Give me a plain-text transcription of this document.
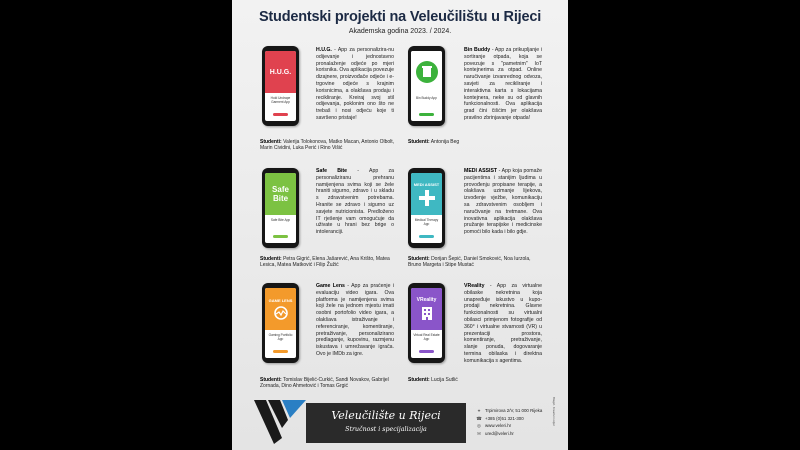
Studentski projekti na Veleučilištu u Rijeci
Akademska godina 2023. / 2024.
H.U.G.
Hold Undrape Garment App
H.U.G. - App za personalizira-nu odijevanje i jednostavno pronalaženje odjeće po mjeri korisnika. Ova aplikacija povezuje dizajnere, proizvođače odjeće i e-trgovine odjeće s krajnim korisnicima, a olakšava prodaju i recikliranje. Kreiraj svoj stil odijevanja, poklonim ono što ne trebaš i nosi odjeću koje ti savršeno pristaje!
Studenti: Valerija Tolokonova, Matko Macan, Antonio Olbolt, Marin Cividini, Luka Perić i Rino Višić
Bin Buddy App
Bin Buddy - App za prikupljanje i sortiranje otpada, koja se povezuje s "pametnim" IoT kontejnerima za otpad. Online naručivanje izvanrednog odvoza, savjeti za recikliranje i interaktivna karta s lokacijama kontejnera, neke su od glavnih funkcionalnosti. Ova aplikacija grad čini čišćim jer olakšava pravilno zbrinjavanje otpada!
Studenti: Antonija Beg
Safe Bite
Safe Bite App
Safe Bite - App za personaliziranu prehranu namijenjena svima koji se žele hraniti sigurno, zdravo i u skladu s zdravstvenim potrebama. Hranite se zdravo i sigurno uz savjete nutricionista. Predloženo IT rješenje vam omogućuje da uživate u hrani bez brige o intoleranciji.
Studenti: Petra Gigrić, Elena Jašarević, Ana Krišto, Matea Lesica, Matea Matković i Filip Žužić
MEDI ASSIST
Medical Therapy App
MEDI ASSIST - App koja pomaže pacijentima i stanijim ljudima u provođenju propisane terapije, a olakšava uzimanje lijekova, izvođenje vježbe, komunikaciju sa zdravstvenim osobljem i naručivanje na tretmane. Ova inovativna aplikacija olakšava pružanje terapijske i medicinske pomoći bilo kada i bilo gdje.
Studenti: Dorijan Šepić, Daniel Smoković, Noa Iurzola, Bruno Margeta i Stipe Mustać
GAME LENS
Gaming Portfolio App
Game Lens - App za praćenje i evaluaciju video igara. Ova platforma je namijenjena svima koji žele na jednom mjestu imati osobni portofolio video igara, a olakšava istraživanje i referenciranje, komentiranje, pretraživanje, personalizirano predlaganje, kupovinu, razmjenu iskustava i umrežavanje igrača. Ovo je IMDb za igre.
Studenti: Tomislav Bijelić-Curkić, Sandi Novakov, Gabrijel Zornada, Dino Ahmetović i Tomas Grgić
VReality
Virtual Real Estate App
VReality - App za virtualne obilaske nekretnina koja unapređuje iskustvo u kupo-prodaji nekretnina. Glavne funkcionalnosti su virtualni obilasci primjenom fotografije od 360° i virtualne stvarnosti (VR) u prezentaciji prostora, komentiranje, pretraživanje, slanje ponuda, dogovaranje termina obilaska i direktna komunikacija s agentima.
Studenti: Lucija Sutlić
Veleučilište u Rijeci
Stručnost i specijalizacija
⌖	Trpimirova 2/V, 51 000 Rijeka
☎ +385 (0)51 321-300
◎ www.veleri.hr
✉ ured@veleri.hr
Blagić. Kreativni odjel
